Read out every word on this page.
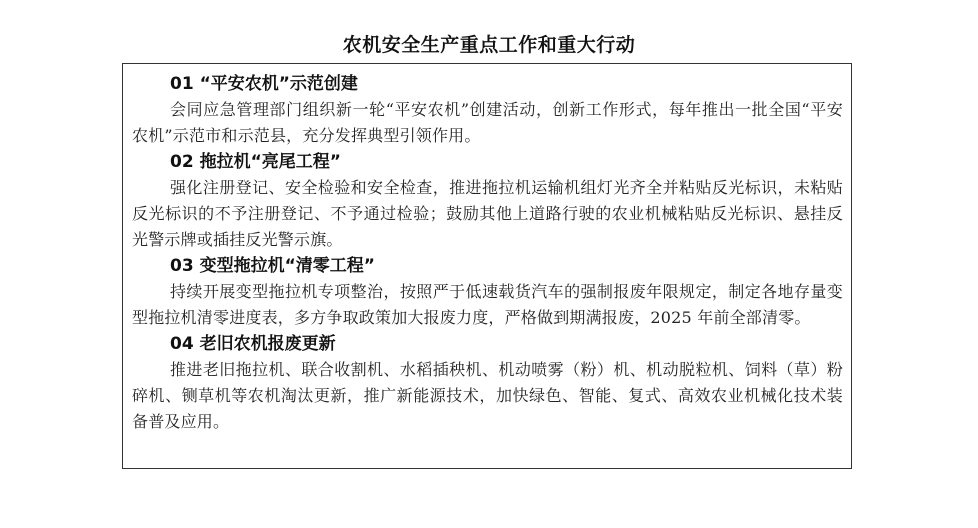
农机安全生产重点工作和重大行动
01 “平安农机”示范创建
会同应急管理部门组织新一轮“平安农机”创建活动，创新工作形式，每年推出一批全国“平安农机”示范市和示范县，充分发挥典型引领作用。
02 拖拉机“亮尾工程”
强化注册登记、安全检验和安全检查，推进拖拉机运输机组灯光齐全并粘贴反光标识，未粘贴反光标识的不予注册登记、不予通过检验；鼓励其他上道路行驶的农业机械粘贴反光标识、悬挂反光警示牌或插挂反光警示旗。
03 变型拖拉机“清零工程”
持续开展变型拖拉机专项整治，按照严于低速载货汽车的强制报废年限规定，制定各地存量变型拖拉机清零进度表，多方争取政策加大报废力度，严格做到期满报废，2025 年前全部清零。
04 老旧农机报废更新
推进老旧拖拉机、联合收割机、水稻插秧机、机动喷雾（粉）机、机动脱粒机、饲料（草）粉碎机、铡草机等农机淘汰更新，推广新能源技术，加快绿色、智能、复式、高效农业机械化技术装备普及应用。
